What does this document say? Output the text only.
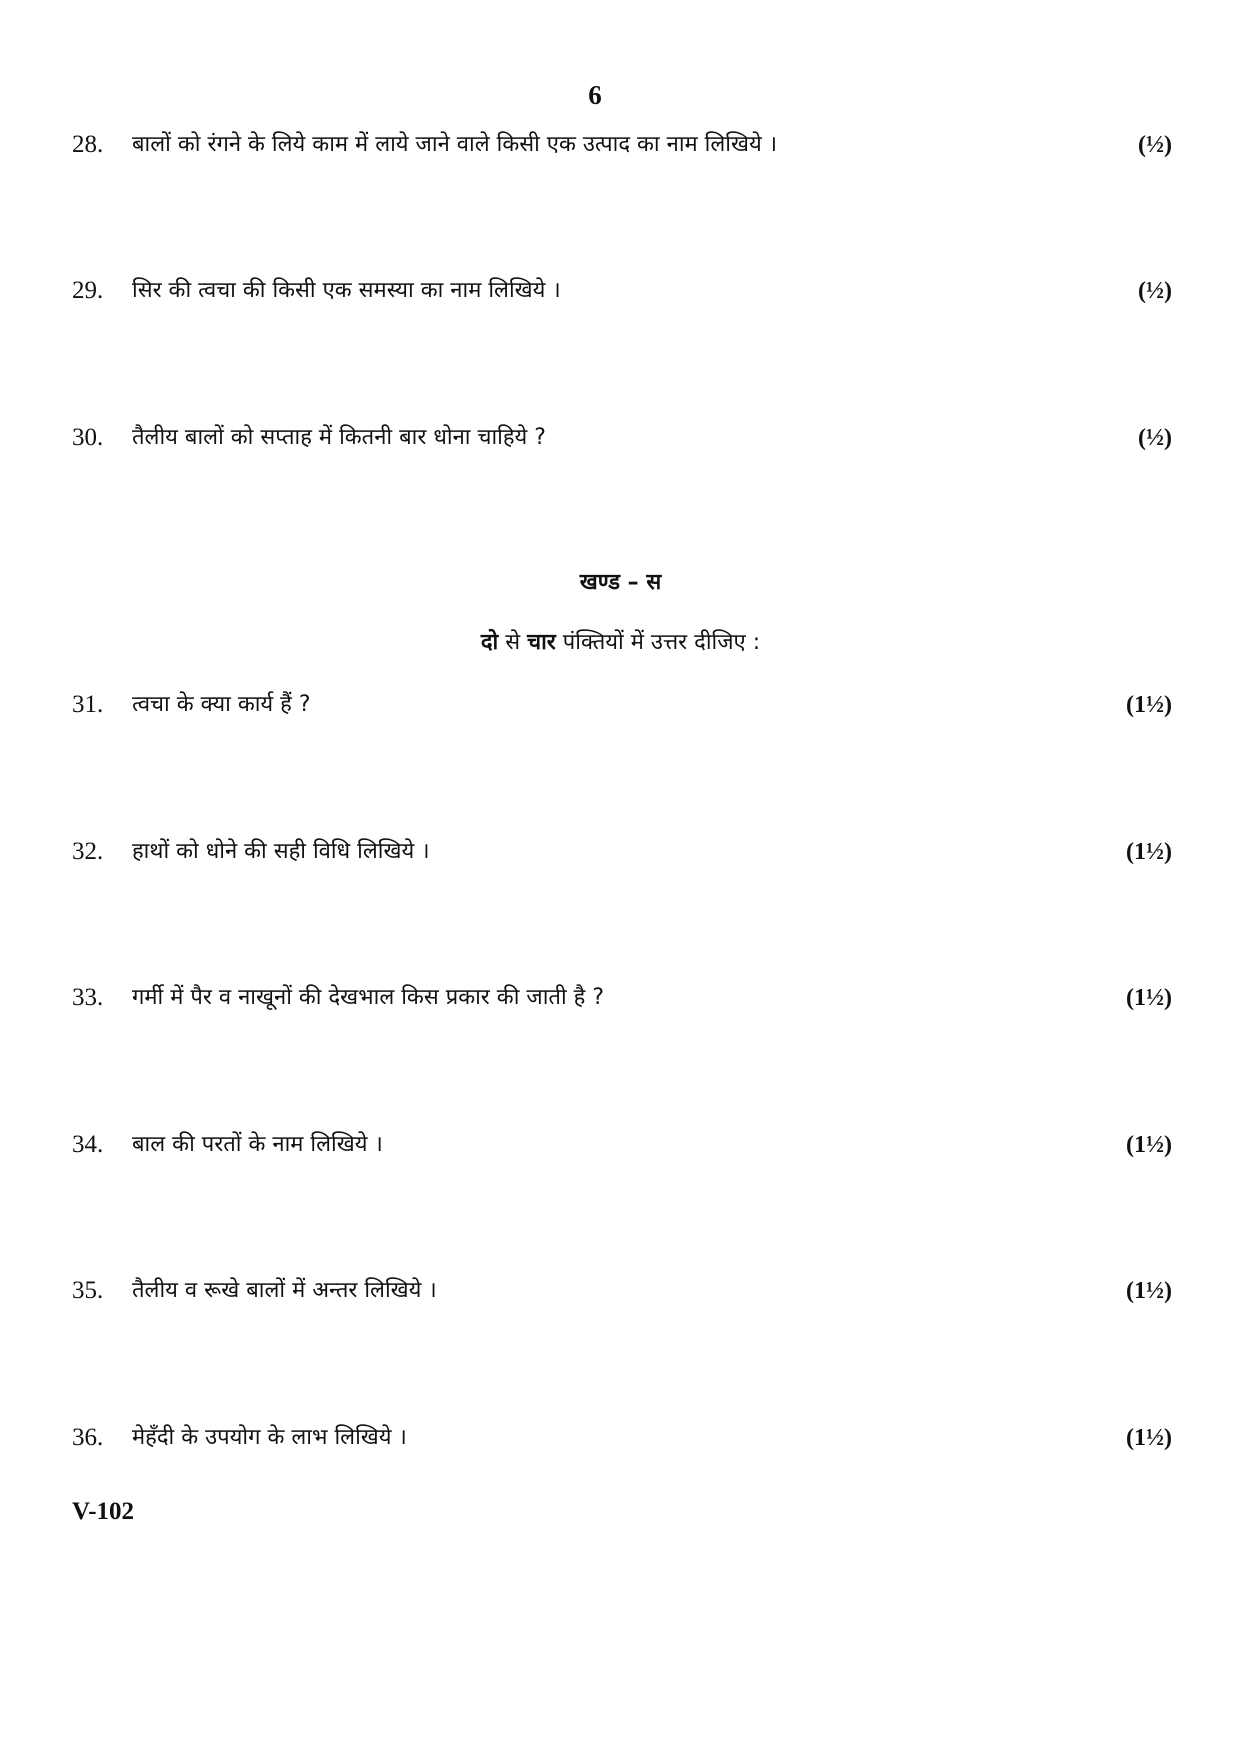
6
28.	बालों को रंगने के लिये काम में लाये जाने वाले किसी एक उत्पाद का नाम लिखिये ।	(½)
29.	सिर की त्वचा की किसी एक समस्या का नाम लिखिये ।	(½)
30.	तैलीय बालों को सप्ताह में कितनी बार धोना चाहिये ?	(½)
खण्ड – स
दो से चार पंक्तियों में उत्तर दीजिए :
31.	त्वचा के क्या कार्य हैं ?	(1½)
32.	हाथों को धोने की सही विधि लिखिये ।	(1½)
33.	गर्मी में पैर व नाखूनों की देखभाल किस प्रकार की जाती है ?	(1½)
34.	बाल की परतों के नाम लिखिये ।	(1½)
35.	तैलीय व रूखे बालों में अन्तर लिखिये ।	(1½)
36.	मेहँदी के उपयोग के लाभ लिखिये ।	(1½)
V-102
